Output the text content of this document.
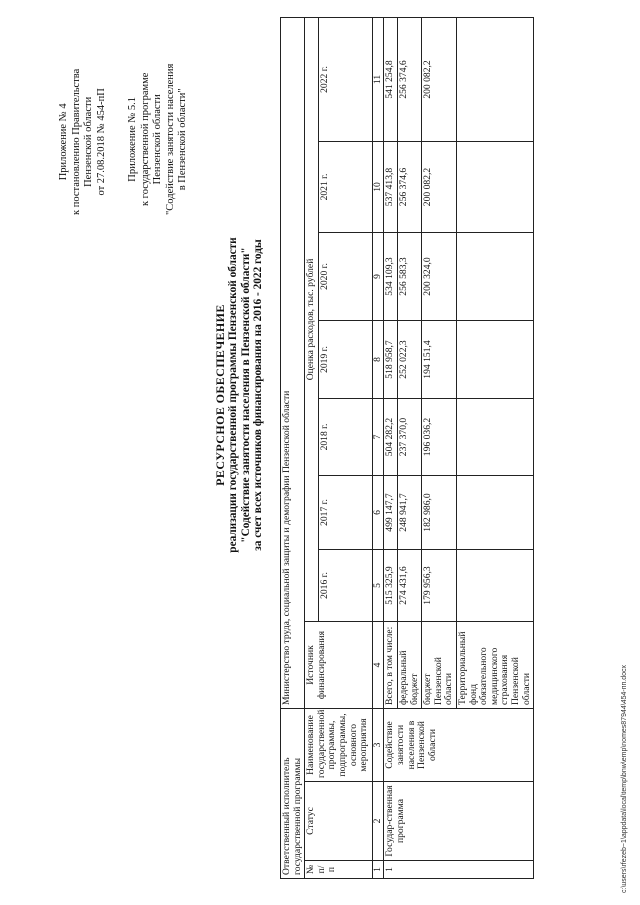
Приложение № 4 к постановлению Правительства Пензенской области от 27.08.2018 № 454-пП Приложение № 5.1 к государственной программе Пензенской области "Содействие занятости населения в Пензенской области"
РЕСУРСНОЕ ОБЕСПЕЧЕНИЕ реализации государственной программы Пензенской области "Содействие занятости населения в Пензенской области" за счет всех источников финансирования на 2016 - 2022 годы
Ответственный исполнитель государственной программы			Министерство труда, социальной защиты и демографии Пензенской области							

№ п/п	Статус	Наименование государственной программы, подпрограммы, основного мероприятия	Источник финансирования	Оценка расходов, тыс. рублей						
				2016 г.	2017 г.	2018 г.	2019 г.	2020 г.	2021 г.	2022 г.
1	2	3	4	5	6	7	8	9	10	11
1	Государ-ственная программа	Содействие занятости населения в Пензенской области	Всего, в том числе:	515 325,9	499 147,7	504 282,2	518 958,7	534 109,3	537 413,8	541 254,8
			федеральный бюджет	274 431,6	248 941,7	237 370,0	252 022,3	256 583,3	256 374,6	256 374,6
			бюджет Пензенской области	179 956,3	182 986,0	196 036,2	194 151,4	200 324,0	200 082,2	200 082,2
			Территориальный фонд обязательного медицинского страхования Пензенской области								c:\users\rfezeb~1\appdata\local\temp\bnw\emp\nomes87944\454-пп.docx
